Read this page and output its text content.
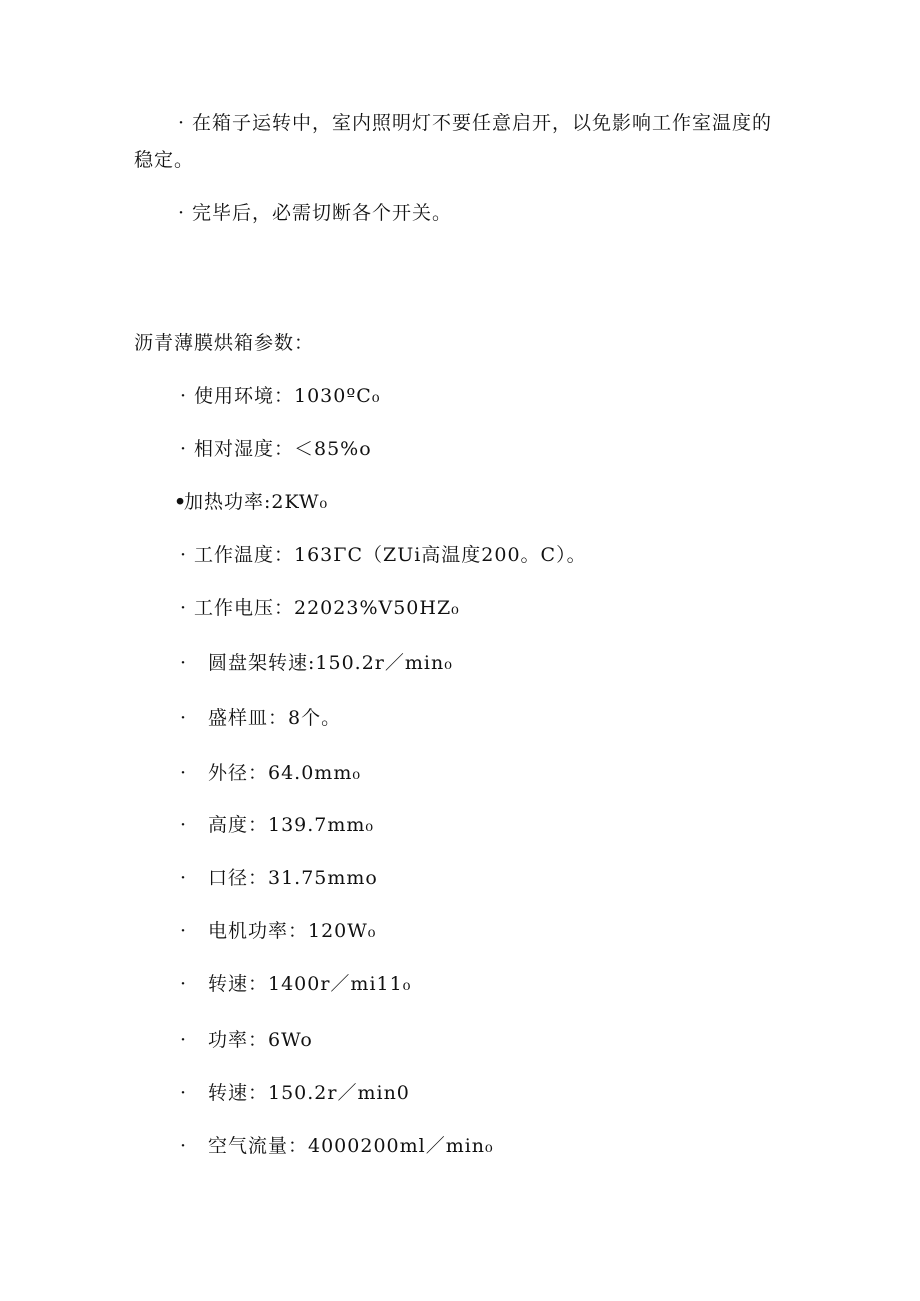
· 在箱子运转中，室内照明灯不要任意启开，以免影响工作室温度的
稳定。
· 完毕后，必需切断各个开关。
沥青薄膜烘箱参数：
· 使用环境：1030ºC₀
· 相对湿度：＜85%o
•
加热功率:2KW₀
· 工作温度：163ΓC（ZUi高温度200。C）。
· 工作电压：22023%V50HZ₀
·	圆盘架转速:150.2r／min₀
·	盛样皿：8个。
·	外径：64.0mm₀
·	高度：139.7mm₀
·	口径：31.75mmo
·	电机功率：120W₀
·	转速：1400r／mi11₀
·	功率：6Wo
·	转速：150.2r／min0
·	空气流量：4000200ml／min₀
